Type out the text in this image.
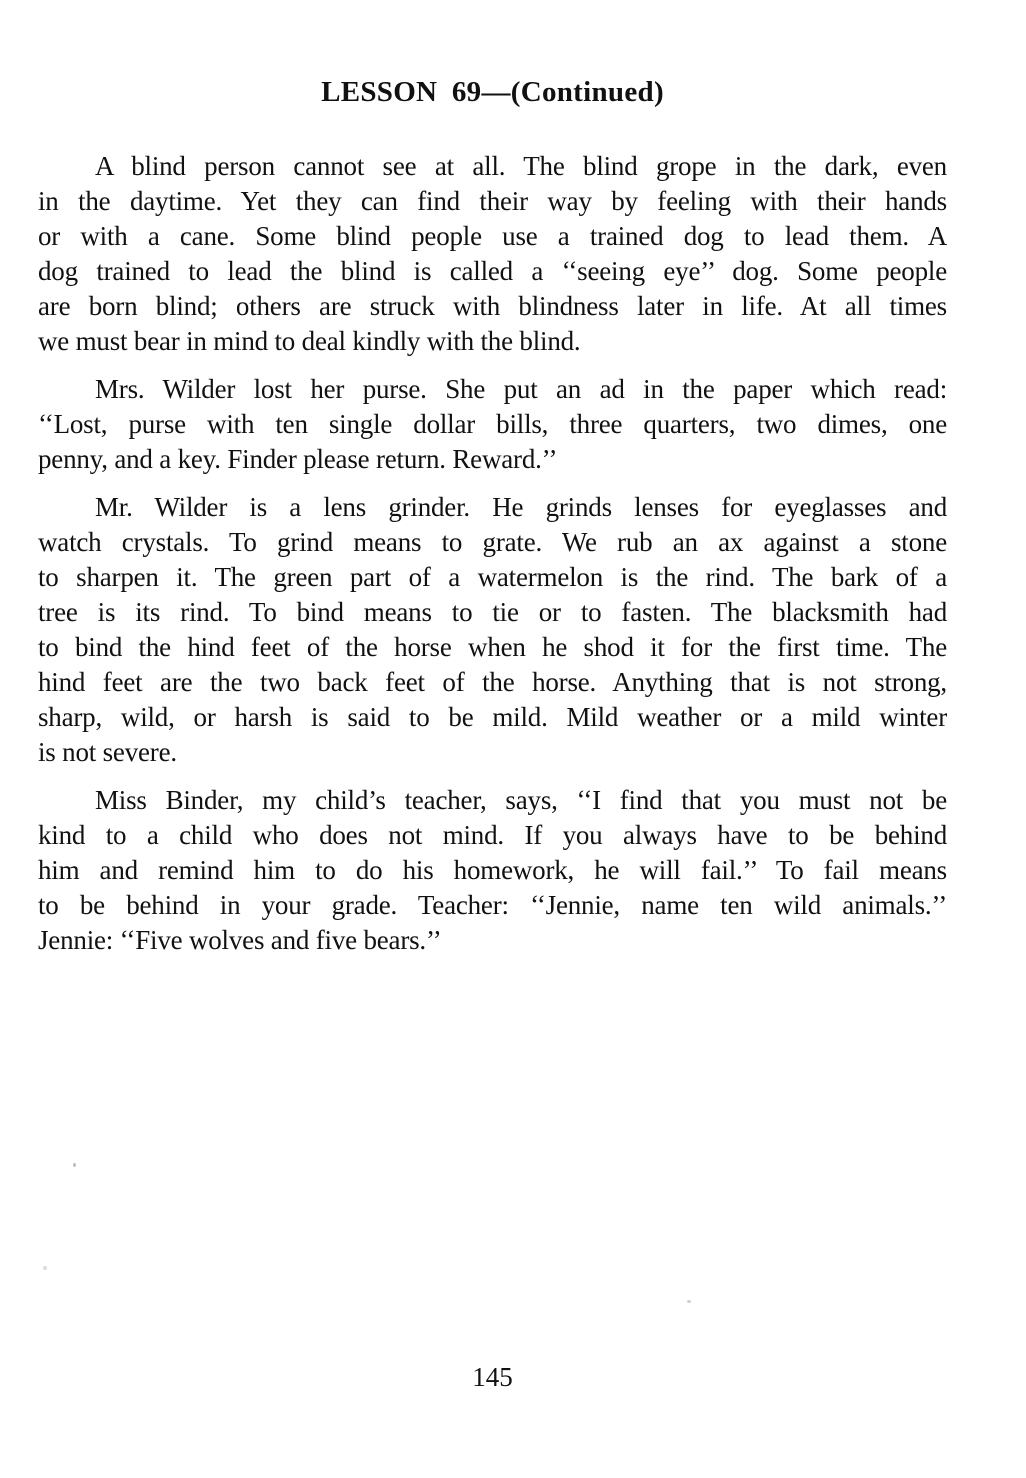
LESSON 69—(Continued)
A blind person cannot see at all. The blind grope in the dark, even
in the daytime. Yet they can find their way by feeling with their hands
or with a cane. Some blind people use a trained dog to lead them. A
dog trained to lead the blind is called a ‘‘seeing eye’’ dog. Some people
are born blind; others are struck with blindness later in life. At all times
we must bear in mind to deal kindly with the blind.
Mrs. Wilder lost her purse. She put an ad in the paper which read:
‘‘Lost, purse with ten single dollar bills, three quarters, two dimes, one
penny, and a key. Finder please return. Reward.’’
Mr. Wilder is a lens grinder. He grinds lenses for eyeglasses and
watch crystals. To grind means to grate. We rub an ax against a stone
to sharpen it. The green part of a watermelon is the rind. The bark of a
tree is its rind. To bind means to tie or to fasten. The blacksmith had
to bind the hind feet of the horse when he shod it for the first time. The
hind feet are the two back feet of the horse. Anything that is not strong,
sharp, wild, or harsh is said to be mild. Mild weather or a mild winter
is not severe.
Miss Binder, my child’s teacher, says, ‘‘I find that you must not be
kind to a child who does not mind. If you always have to be behind
him and remind him to do his homework, he will fail.’’ To fail means
to be behind in your grade. Teacher: ‘‘Jennie, name ten wild animals.’’
Jennie: ‘‘Five wolves and five bears.’’
145
